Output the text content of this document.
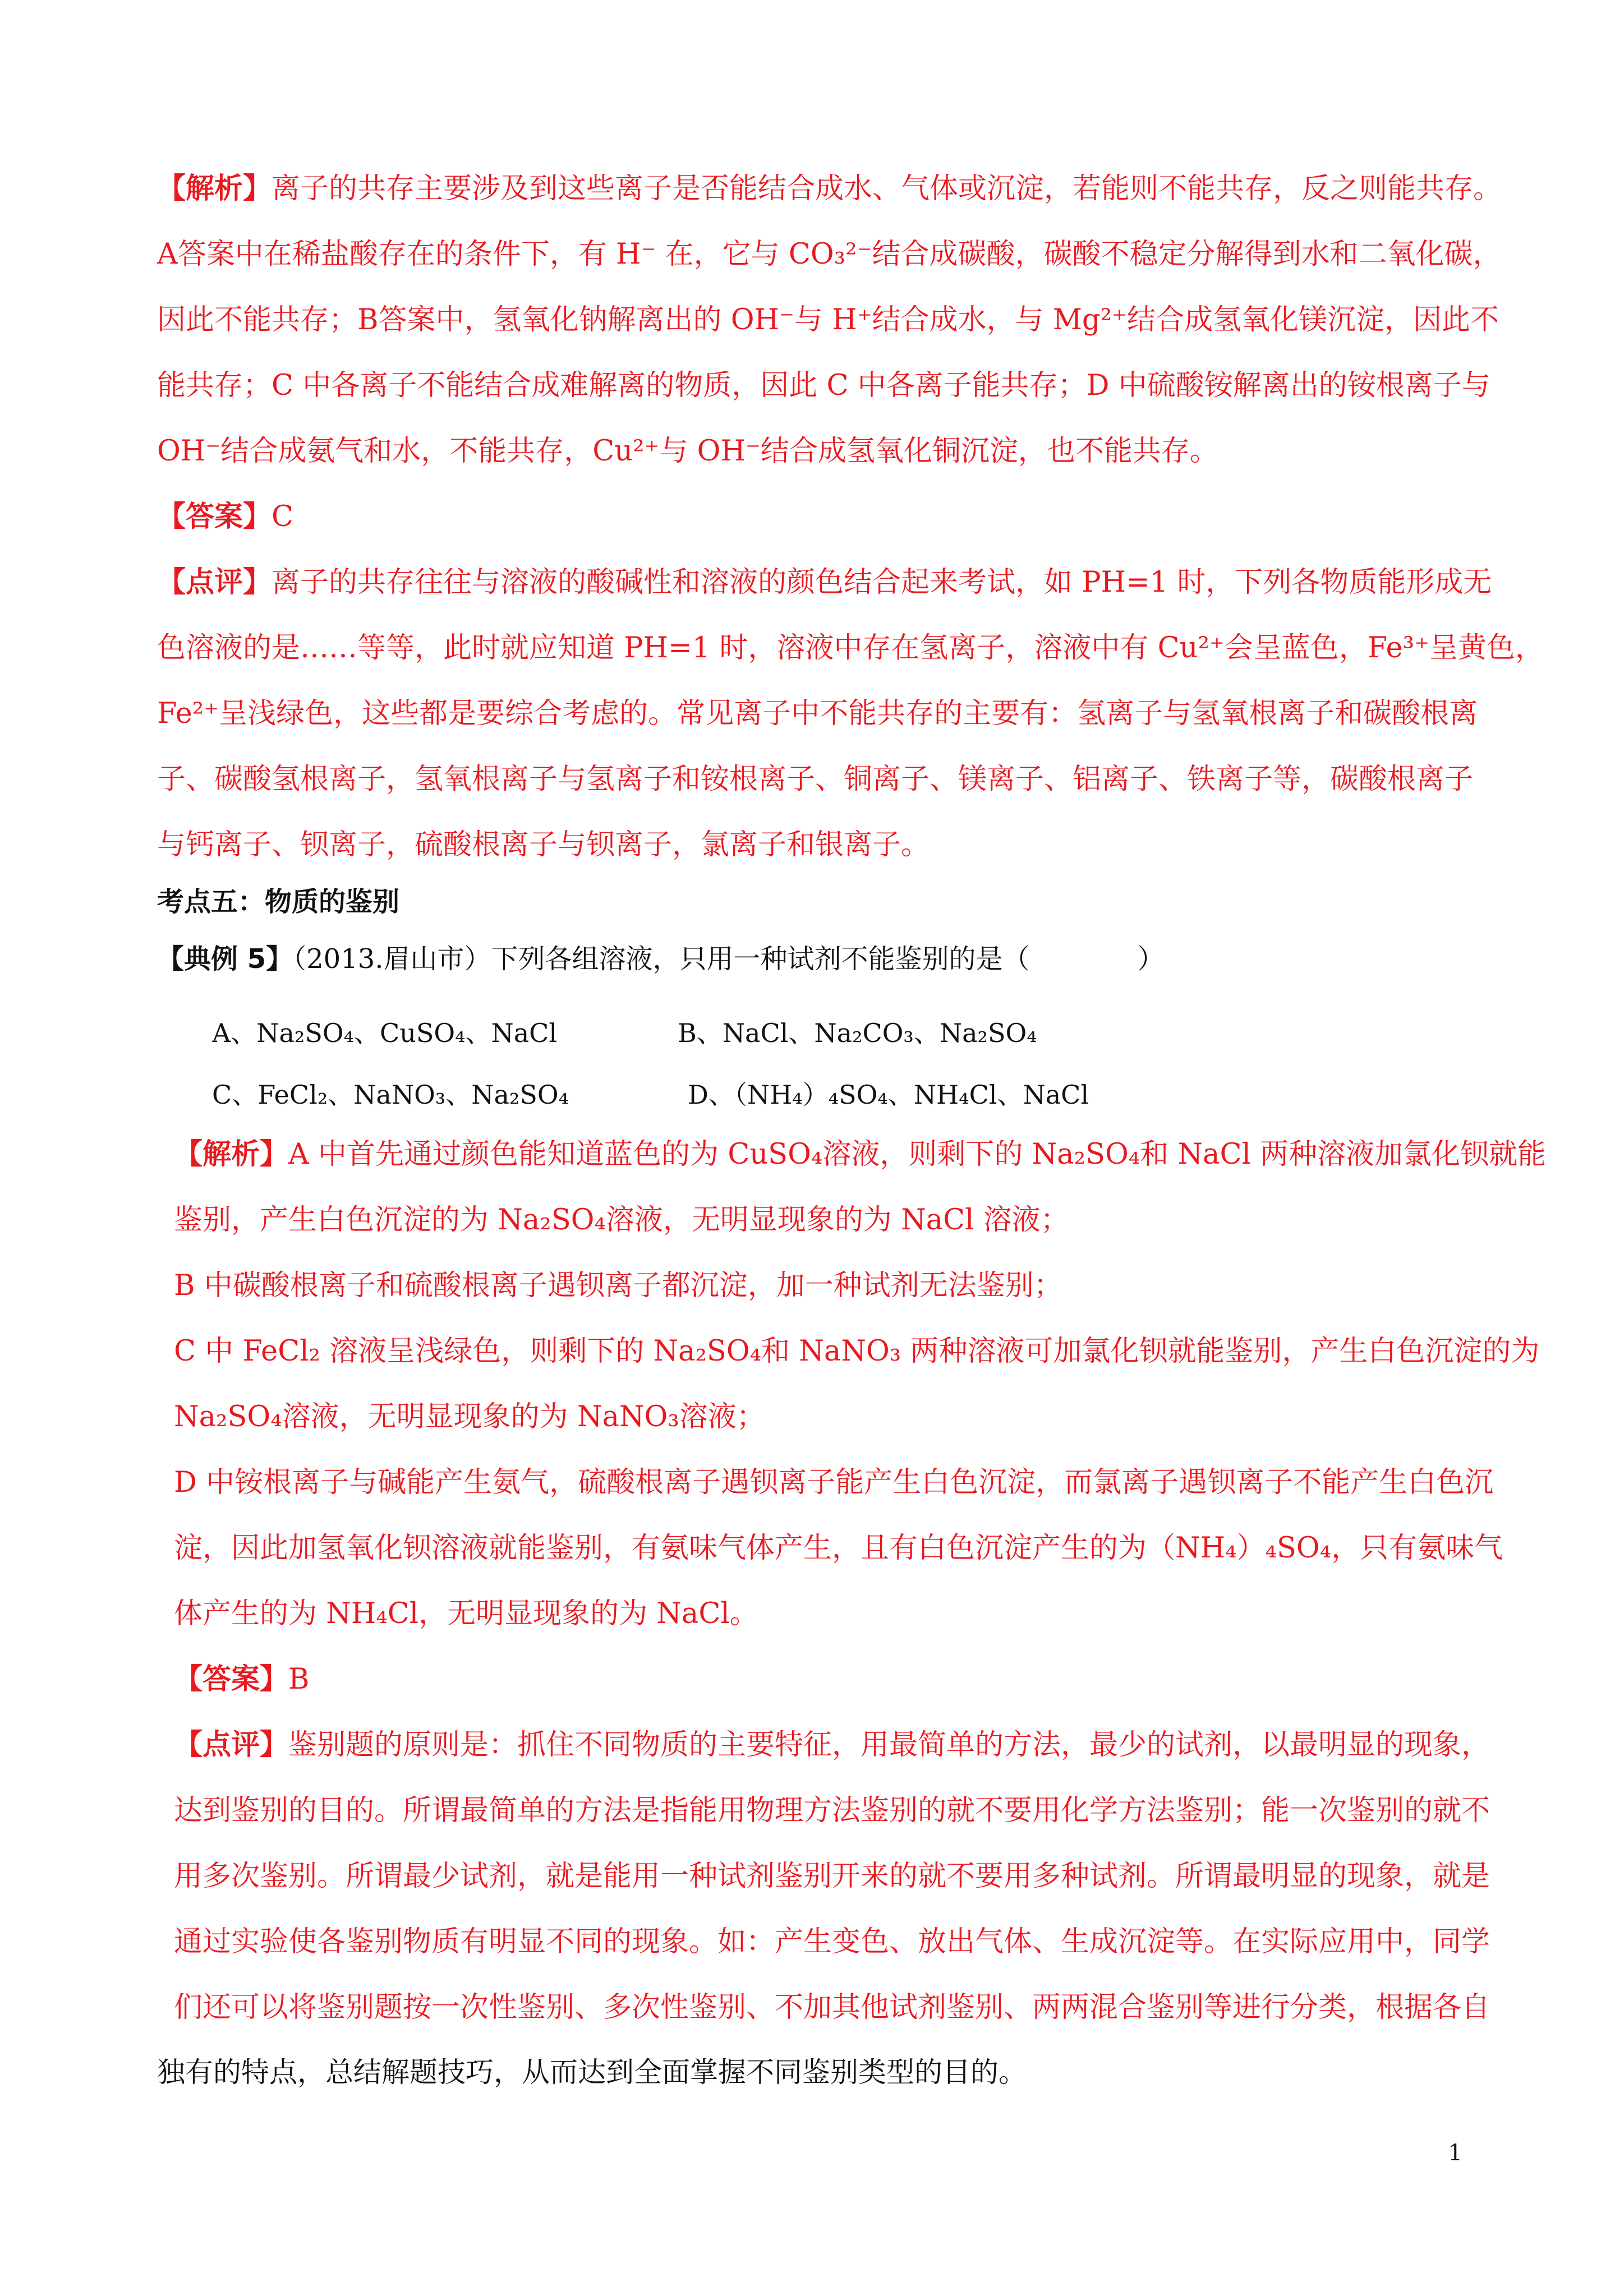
【解析】离子的共存主要涉及到这些离子是否能结合成水、气体或沉淀，若能则不能共存，反之则能共存。
A答案中在稀盐酸存在的条件下，有 H⁻ 在，它与 CO₃²⁻结合成碳酸，碳酸不稳定分解得到水和二氧化碳，
因此不能共存；B答案中，氢氧化钠解离出的 OH⁻与 H⁺结合成水，与 Mg²⁺结合成氢氧化镁沉淀，因此不
能共存；C 中各离子不能结合成难解离的物质，因此 C 中各离子能共存；D 中硫酸铵解离出的铵根离子与
OH⁻结合成氨气和水，不能共存，Cu²⁺与 OH⁻结合成氢氧化铜沉淀，也不能共存。
【答案】C
【点评】离子的共存往往与溶液的酸碱性和溶液的颜色结合起来考试，如 PH=1 时，下列各物质能形成无
色溶液的是……等等，此时就应知道 PH=1 时，溶液中存在氢离子，溶液中有 Cu²⁺会呈蓝色，Fe³⁺呈黄色，
Fe²⁺呈浅绿色，这些都是要综合考虑的。常见离子中不能共存的主要有：氢离子与氢氧根离子和碳酸根离
子、碳酸氢根离子，氢氧根离子与氢离子和铵根离子、铜离子、镁离子、铝离子、铁离子等，碳酸根离子
与钙离子、钡离子，硫酸根离子与钡离子，氯离子和银离子。
考点五：物质的鉴别
【典例 5】（2013.眉山市）下列各组溶液，只用一种试剂不能鉴别的是（　　　　）
A、Na₂SO₄、CuSO₄、NaCl	B、NaCl、Na₂CO₃、Na₂SO₄
C、FeCl₂、NaNO₃、Na₂SO₄	D、（NH₄）₄SO₄、NH₄Cl、NaCl
【解析】A 中首先通过颜色能知道蓝色的为 CuSO₄溶液，则剩下的 Na₂SO₄和 NaCl 两种溶液加氯化钡就能
鉴别，产生白色沉淀的为 Na₂SO₄溶液，无明显现象的为 NaCl 溶液；
B 中碳酸根离子和硫酸根离子遇钡离子都沉淀，加一种试剂无法鉴别；
C 中 FeCl₂ 溶液呈浅绿色，则剩下的 Na₂SO₄和 NaNO₃ 两种溶液可加氯化钡就能鉴别，产生白色沉淀的为
Na₂SO₄溶液，无明显现象的为 NaNO₃溶液；
D 中铵根离子与碱能产生氨气，硫酸根离子遇钡离子能产生白色沉淀，而氯离子遇钡离子不能产生白色沉
淀，因此加氢氧化钡溶液就能鉴别，有氨味气体产生，且有白色沉淀产生的为（NH₄）₄SO₄，只有氨味气
体产生的为 NH₄Cl，无明显现象的为 NaCl。
【答案】B
【点评】鉴别题的原则是：抓住不同物质的主要特征，用最简单的方法，最少的试剂，以最明显的现象，
达到鉴别的目的。所谓最简单的方法是指能用物理方法鉴别的就不要用化学方法鉴别；能一次鉴别的就不
用多次鉴别。所谓最少试剂，就是能用一种试剂鉴别开来的就不要用多种试剂。所谓最明显的现象，就是
通过实验使各鉴别物质有明显不同的现象。如：产生变色、放出气体、生成沉淀等。在实际应用中，同学
们还可以将鉴别题按一次性鉴别、多次性鉴别、不加其他试剂鉴别、两两混合鉴别等进行分类，根据各自
独有的特点，总结解题技巧，从而达到全面掌握不同鉴别类型的目的。
1
